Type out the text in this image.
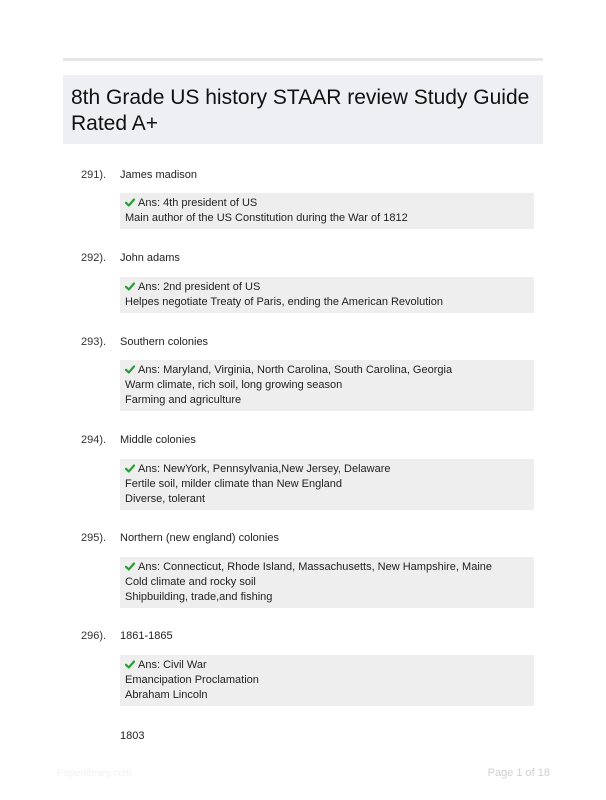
8th Grade US history STAAR review Study Guide Rated A+
291). James madison
Ans: 4th president of US
Main author of the US Constitution during the War of 1812
292). John adams
Ans: 2nd president of US
Helpes negotiate Treaty of Paris, ending the American Revolution
293). Southern colonies
Ans: Maryland, Virginia, North Carolina, South Carolina, Georgia
Warm climate, rich soil, long growing season
Farming and agriculture
294). Middle colonies
Ans: NewYork, Pennsylvania,New Jersey, Delaware
Fertile soil, milder climate than New England
Diverse, tolerant
295). Northern (new england) colonies
Ans: Connecticut, Rhode Island, Massachusetts, New Hampshire, Maine
Cold climate and rocky soil
Shipbuilding, trade,and fishing
296). 1861-1865
Ans: Civil War
Emancipation Proclamation
Abraham Lincoln
1803
Paperlibrary.com	Page 1 of 18
